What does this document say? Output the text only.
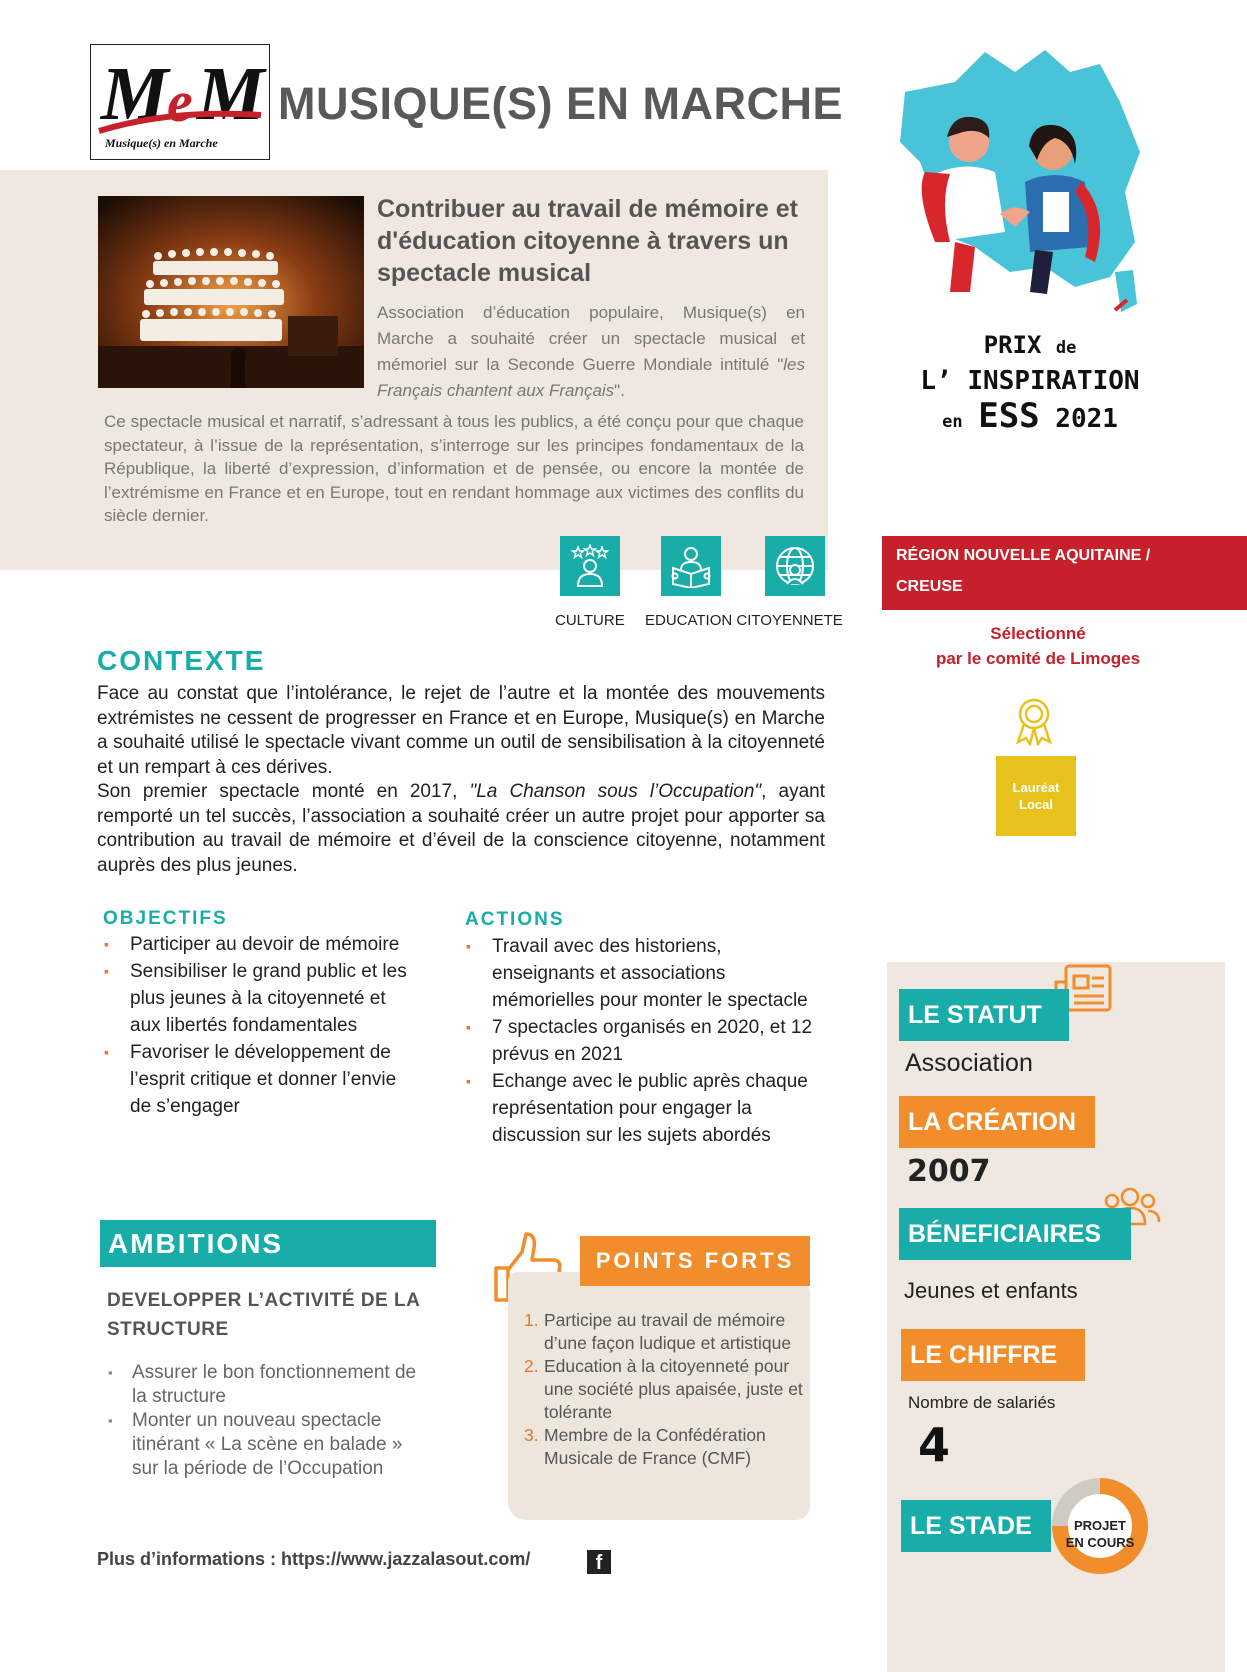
M
e M
Musique(s) en Marche
MUSIQUE(S) EN MARCHE
Contribuer au travail de mémoire et d'éducation citoyenne à travers un spectacle musical
Association d’éducation populaire, Musique(s) en Marche a souhaité créer un spectacle musical et mémoriel sur la Seconde Guerre Mondiale intitulé "les Français chantent aux Français".
Ce spectacle musical et narratif, s’adressant à tous les publics, a été conçu pour que chaque spectateur, à l’issue de la représentation, s’interroge sur les principes fondamentaux de la République, la liberté d’expression, d’information et de pensée, ou encore la montée de l’extrémisme en France et en Europe, tout en rendant hommage aux victimes des conflits du siècle dernier.
CULTURE EDUCATION CITOYENNETE
PRIX de
L’ INSPIRATION
en ESS 2021
RÉGION NOUVELLE AQUITAINE /
CREUSE
Sélectionné
par le comité de Limoges
Lauréat Local
CONTEXTE
Face au constat que l’intolérance, le rejet de l’autre et la montée des mouvements extrémistes ne cessent de progresser en France et en Europe, Musique(s) en Marche a souhaité utilisé le spectacle vivant comme un outil de sensibilisation à la citoyenneté et un rempart à ces dérives.
Son premier spectacle monté en 2017, "La Chanson sous l’Occupation", ayant remporté un tel succès, l’association a souhaité créer un autre projet pour apporter sa contribution au travail de mémoire et d’éveil de la conscience citoyenne, notamment auprès des plus jeunes.
OBJECTIFS
▪ Participer au devoir de mémoire
▪ Sensibiliser le grand public et les plus jeunes à la citoyenneté et aux libertés fondamentales
▪ Favoriser le développement de l’esprit critique et donner l’envie de s’engager
ACTIONS
▪ Travail avec des historiens, enseignants et associations mémorielles pour monter le spectacle
▪ 7 spectacles organisés en 2020, et 12 prévus en 2021
▪ Echange avec le public après chaque représentation pour engager la discussion sur les sujets abordés
AMBITIONS
DEVELOPPER L’ACTIVITÉ DE LA STRUCTURE
▪ Assurer le bon fonctionnement de la structure
▪ Monter un nouveau spectacle itinérant « La scène en balade » sur la période de l’Occupation
POINTS FORTS
Participe au travail de mémoire d’une façon ludique et artistique
Education à la citoyenneté pour une société plus apaisée, juste et tolérante
Membre de la Confédération Musicale de France (CMF)
LE STATUT
Association
LA CRÉATION
2007
BÉNEFICIAIRES
Jeunes et enfants
LE CHIFFRE
Nombre de salariés
4
LE STADE	PROJET
EN COURS
Plus d’informations : https://www.jazzalasout.com/	f
